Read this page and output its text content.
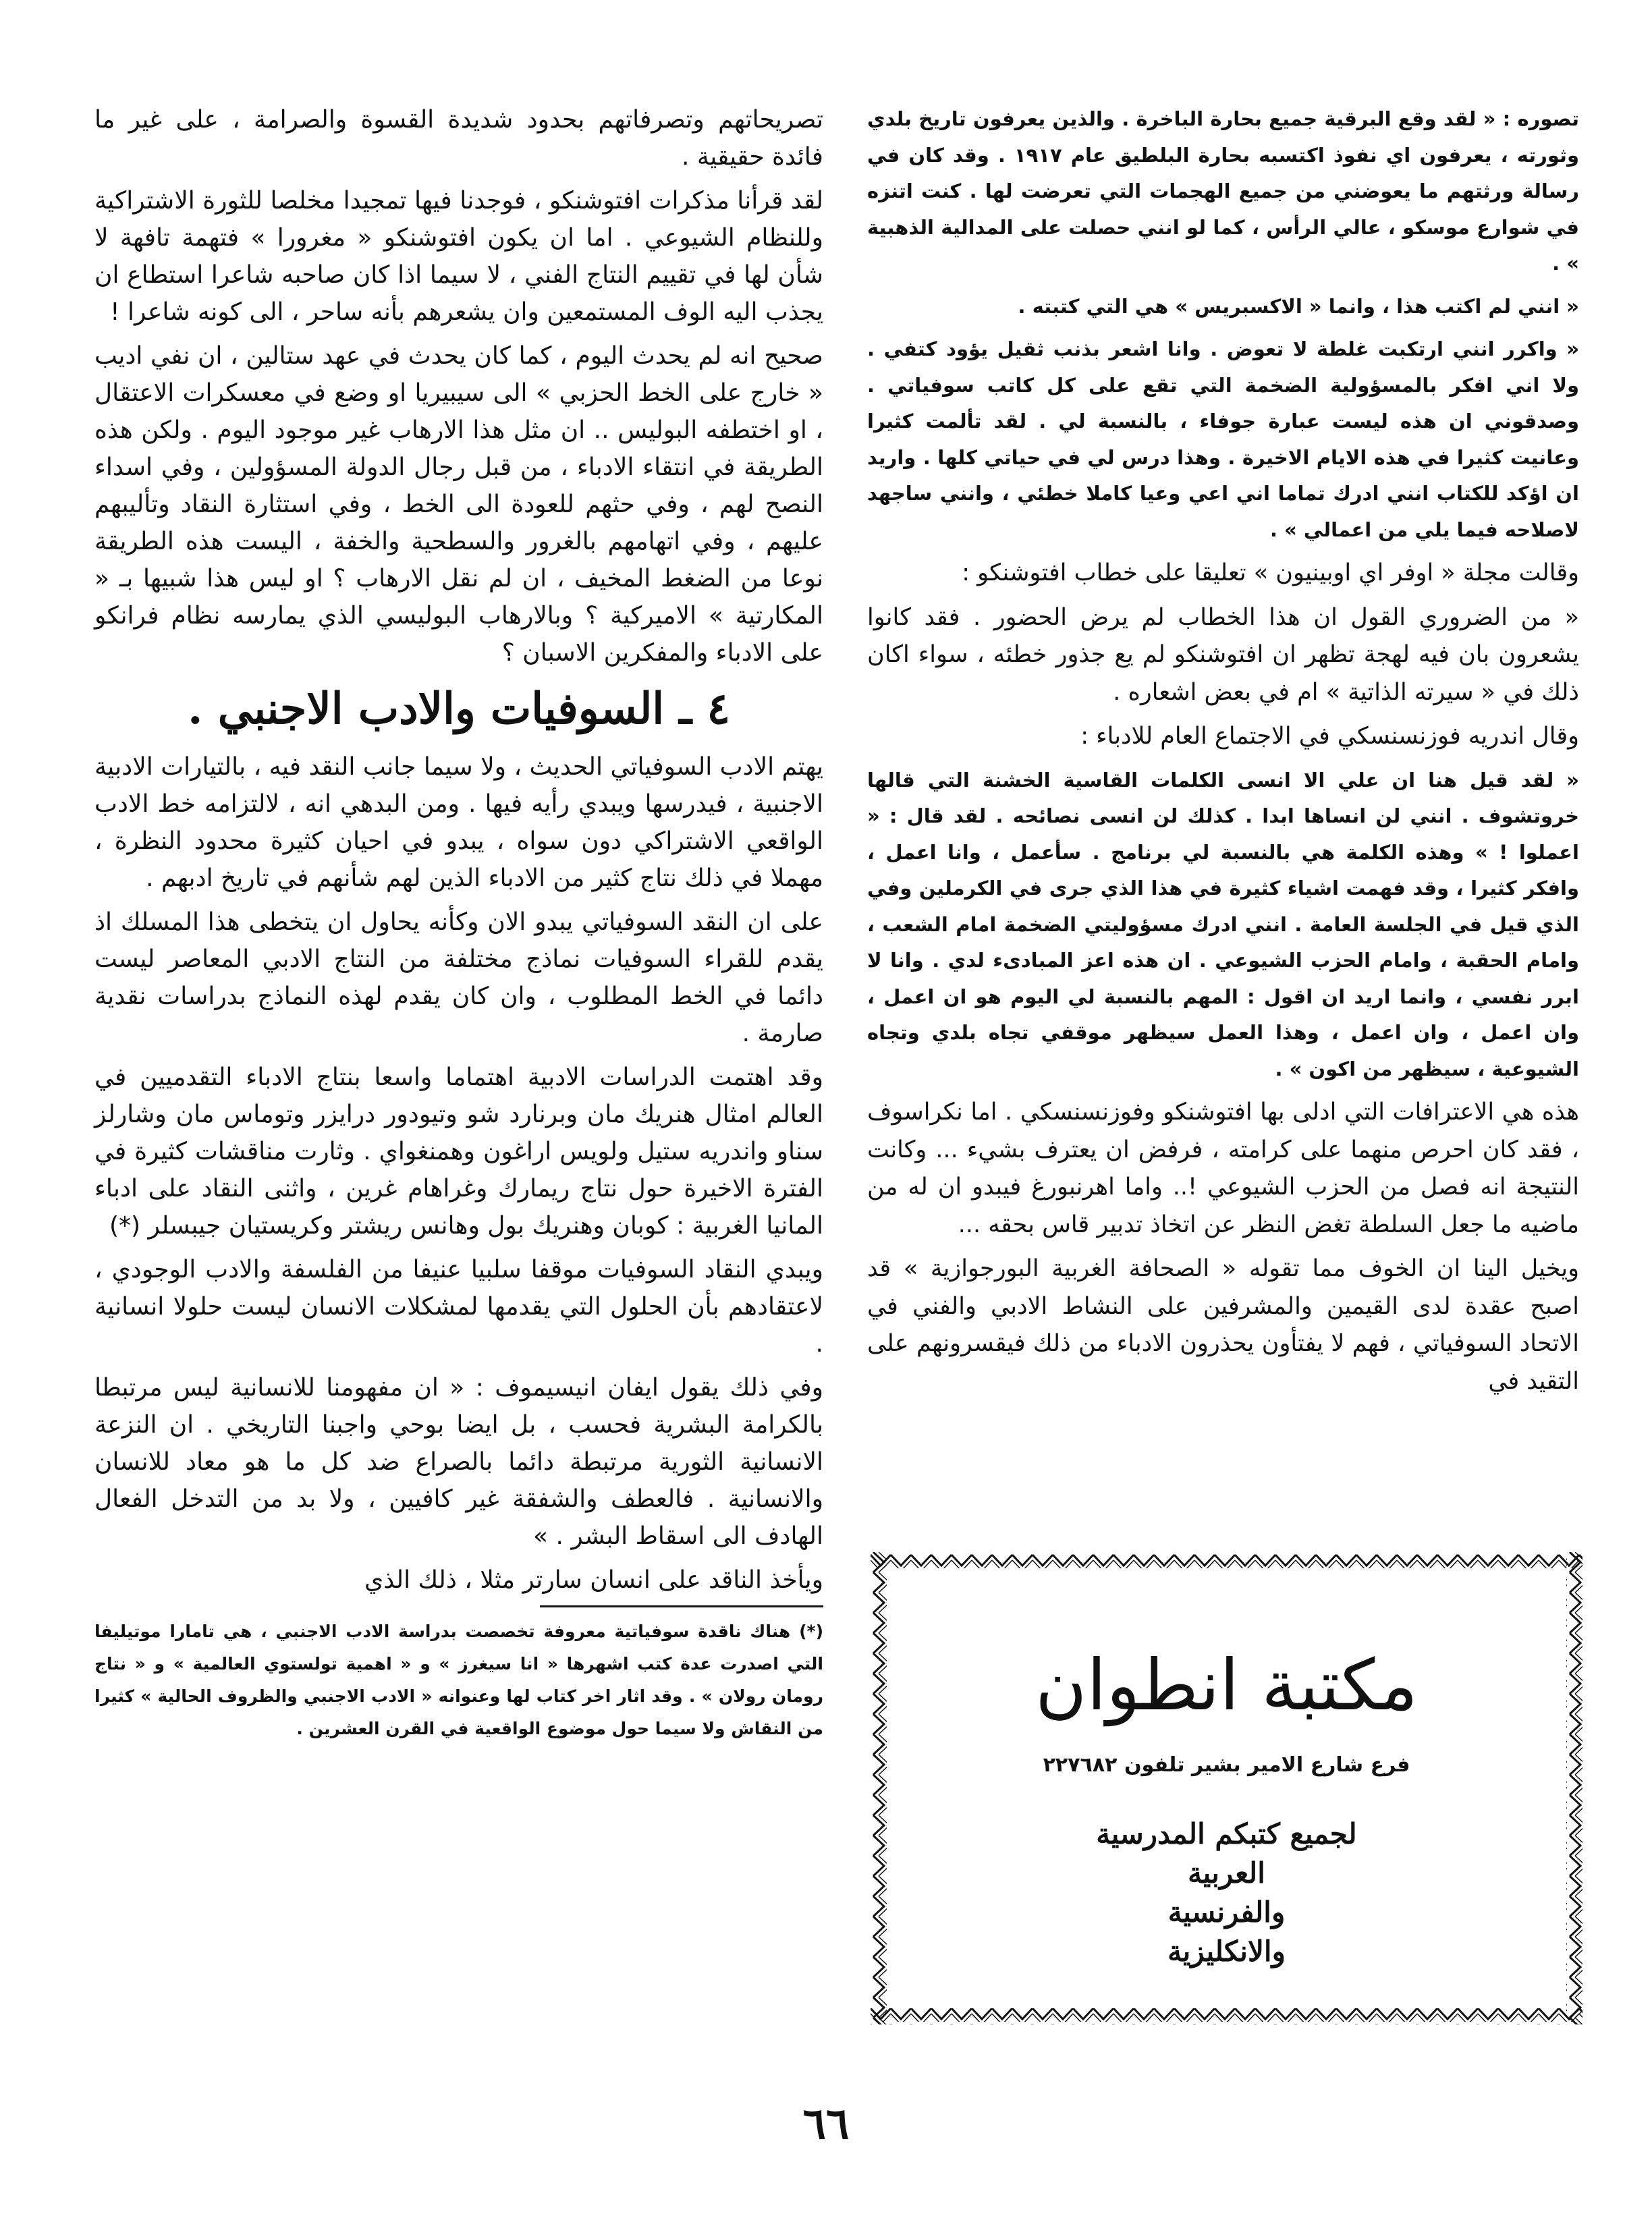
تصوره : « لقد وقع البرقية جميع بحارة الباخرة . والذين يعرفون تاريخ بلدي وثورته ، يعرفون اي نفوذ اكتسبه بحارة البلطيق عام ١٩١٧ . وقد كان في رسالة ورثتهم ما يعوضني من جميع الهجمات التي تعرضت لها . كنت اتنزه في شوارع موسكو ، عالي الرأس ، كما لو انني حصلت على المدالية الذهبية » .

« انني لم اكتب هذا ، وانما « الاكسبريس » هي التي كتبته .

« واكرر انني ارتكبت غلطة لا تعوض . وانا اشعر بذنب ثقيل يؤود كتفي . ولا اني افكر بالمسؤولية الضخمة التي تقع على كل كاتب سوفياتي . وصدقوني ان هذه ليست عبارة جوفاء ، بالنسبة لي . لقد تألمت كثيرا وعانيت كثيرا في هذه الايام الاخيرة . وهذا درس لي في حياتي كلها . واريد ان اؤكد للكتاب انني ادرك تماما اني اعي وعيا كاملا خطئي ، وانني ساجهد لاصلاحه فيما يلي من اعمالي » .

وقالت مجلة « اوفر اي اوبينيون » تعليقا على خطاب افتوشنكو :

« من الضروري القول ان هذا الخطاب لم يرض الحضور . فقد كانوا يشعرون بان فيه لهجة تظهر ان افتوشنكو لم يع جذور خطئه ، سواء اكان ذلك في « سيرته الذاتية » ام في بعض اشعاره .

وقال اندريه فوزنسنسكي في الاجتماع العام للادباء :

« لقد قيل هنا ان علي الا انسى الكلمات القاسية الخشنة التي قالها خروتشوف . انني لن انساها ابدا . كذلك لن انسى نصائحه . لقد قال : « اعملوا ! » وهذه الكلمة هي بالنسبة لي برنامج . سأعمل ، وانا اعمل ، وافكر كثيرا ، وقد فهمت اشياء كثيرة في هذا الذي جرى في الكرملين وفي الذي قيل في الجلسة العامة . انني ادرك مسؤوليتي الضخمة امام الشعب ، وامام الحقبة ، وامام الحزب الشيوعي . ان هذه اعز المبادىء لدي . وانا لا ابرر نفسي ، وانما اريد ان اقول : المهم بالنسبة لي اليوم هو ان اعمل ، وان اعمل ، وان اعمل ، وهذا العمل سيظهر موقفي تجاه بلدي وتجاه الشيوعية ، سيظهر من اكون » .

هذه هي الاعترافات التي ادلى بها افتوشنكو وفوزنسنسكي . اما نكراسوف ، فقد كان احرص منهما على كرامته ، فرفض ان يعترف بشيء ... وكانت النتيجة انه فصل من الحزب الشيوعي !.. واما اهرنبورغ فيبدو ان له من ماضيه ما جعل السلطة تغض النظر عن اتخاذ تدبير قاس بحقه ...

ويخيل الينا ان الخوف مما تقوله « الصحافة الغربية البورجوازية » قد اصبح عقدة لدى القيمين والمشرفين على النشاط الادبي والفني في الاتحاد السوفياتي ، فهم لا يفتأون يحذرون الادباء من ذلك فيقسرونهم على التقيد في

تصريحاتهم وتصرفاتهم بحدود شديدة القسوة والصرامة ، على غير ما فائدة حقيقية .

لقد قرأنا مذكرات افتوشنكو ، فوجدنا فيها تمجيدا مخلصا للثورة الاشتراكية وللنظام الشيوعي . اما ان يكون افتوشنكو « مغرورا » فتهمة تافهة لا شأن لها في تقييم النتاج الفني ، لا سيما اذا كان صاحبه شاعرا استطاع ان يجذب اليه الوف المستمعين وان يشعرهم بأنه ساحر ، الى كونه شاعرا !

صحيح انه لم يحدث اليوم ، كما كان يحدث في عهد ستالين ، ان نفي اديب « خارج على الخط الحزبي » الى سيبيريا او وضع في معسكرات الاعتقال ، او اختطفه البوليس .. ان مثل هذا الارهاب غير موجود اليوم . ولكن هذه الطريقة في انتقاء الادباء ، من قبل رجال الدولة المسؤولين ، وفي اسداء النصح لهم ، وفي حثهم للعودة الى الخط ، وفي استثارة النقاد وتأليبهم عليهم ، وفي اتهامهم بالغرور والسطحية والخفة ، اليست هذه الطريقة نوعا من الضغط المخيف ، ان لم نقل الارهاب ؟ او ليس هذا شبيها بـ « المكارتية » الاميركية ؟ وبالارهاب البوليسي الذي يمارسه نظام فرانكو على الادباء والمفكرين الاسبان ؟

٤ ـ السوفيات والادب الاجنبي .

يهتم الادب السوفياتي الحديث ، ولا سيما جانب النقد فيه ، بالتيارات الادبية الاجنبية ، فيدرسها ويبدي رأيه فيها . ومن البدهي انه ، لالتزامه خط الادب الواقعي الاشتراكي دون سواه ، يبدو في احيان كثيرة محدود النظرة ، مهملا في ذلك نتاج كثير من الادباء الذين لهم شأنهم في تاريخ ادبهم .

على ان النقد السوفياتي يبدو الان وكأنه يحاول ان يتخطى هذا المسلك اذ يقدم للقراء السوفيات نماذج مختلفة من النتاج الادبي المعاصر ليست دائما في الخط المطلوب ، وان كان يقدم لهذه النماذج بدراسات نقدية صارمة .

وقد اهتمت الدراسات الادبية اهتماما واسعا بنتاج الادباء التقدميين في العالم امثال هنريك مان وبرنارد شو وتيودور درايزر وتوماس مان وشارلز سناو واندريه ستيل ولويس اراغون وهمنغواي . وثارت مناقشات كثيرة في الفترة الاخيرة حول نتاج ريمارك وغراهام غرين ، واثنى النقاد على ادباء المانيا الغربية : كوبان وهنريك بول وهانس ريشتر وكريستيان جيبسلر (*)

ويبدي النقاد السوفيات موقفا سلبيا عنيفا من الفلسفة والادب الوجودي ، لاعتقادهم بأن الحلول التي يقدمها لمشكلات الانسان ليست حلولا انسانية .

وفي ذلك يقول ايفان انيسيموف : « ان مفهومنا للانسانية ليس مرتبطا بالكرامة البشرية فحسب ، بل ايضا بوحي واجبنا التاريخي . ان النزعة الانسانية الثورية مرتبطة دائما بالصراع ضد كل ما هو معاد للانسان والانسانية . فالعطف والشفقة غير كافيين ، ولا بد من التدخل الفعال الهادف الى اسقاط البشر . »

ويأخذ الناقد على انسان سارتر مثلا ، ذلك الذي

(*) هناك ناقدة سوفياتية معروفة تخصصت بدراسة الادب الاجنبي ، هي تامارا موتيليفا التي اصدرت عدة كتب اشهرها « انا سيغرز » و « اهمية تولستوي العالمية » و « نتاج رومان رولان » . وقد اثار اخر كتاب لها وعنوانه « الادب الاجنبي والظروف الحالية » كثيرا من النقاش ولا سيما حول موضوع الواقعية في القرن العشرين .

مكتبة انطوان
فرع شارع الامير بشير تلفون ٢٢٧٦٨٢
لجميع كتبكم المدرسية
العربية
والفرنسية
والانكليزية
٦٦
